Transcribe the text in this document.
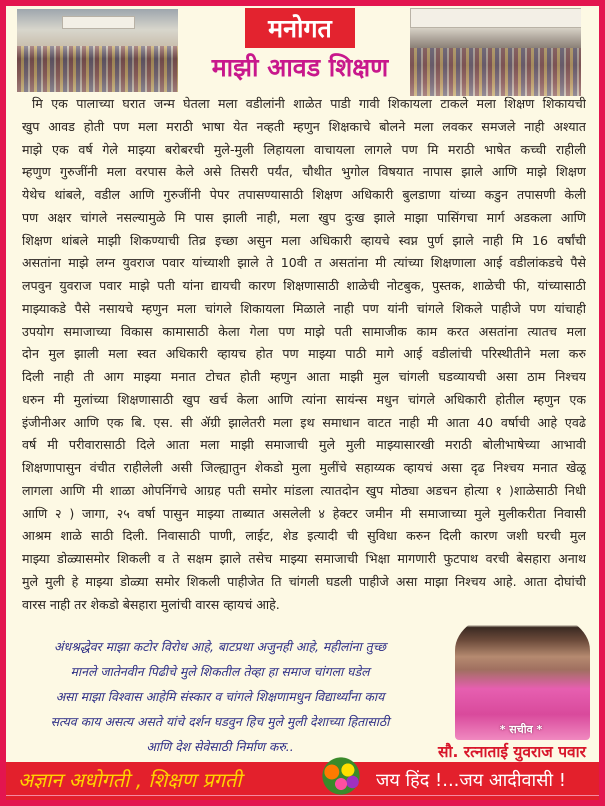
मनोगत
माझी आवड शिक्षण
मि एक पालाच्या घरात जन्म घेतला मला वडीलांनी शाळेत पाडी गावी शिकायला टाकले मला शिक्षण शिकायची
खुप आवड होती पण मला मराठी भाषा येत नव्हती म्हणुन शिक्षकाचे बोलने मला लवकर समजले नाही अश्यात
माझे एक वर्ष गेले माझ्या बरोबरची मुले-मुली लिहायला वाचायला लागले पण मि मराठी भाषेत कच्ची राहीली
म्हणुण गुरुजींनी मला वरपास केले असे तिसरी पर्यंत, चौथीत भुगोल विषयात नापास झाले आणि माझे शिक्षण
येथेच थांबले, वडील आणि गुरुजींनी पेपर तपासण्यासाठी शिक्षण अधिकारी बुलडाणा यांच्या कडुन तपासणी केली
पण अक्षर चांगले नसल्यामुळे मि पास झाली नाही, मला खुप दुःख झाले माझा पासिंगचा मार्ग अडकला आणि
शिक्षण थांबले माझी शिकण्याची तिव्र इच्छा असुन मला अधिकारी व्हायचे स्वप्न पुर्ण झाले नाही मि 16 वर्षांची
असतांना माझे लग्न युवराज पवार यांच्याशी झाले ते 10वी त असतांना मी त्यांच्या शिक्षणाला आई वडीलांकडचे पैसे
लपवुन युवराज पवार माझे पती यांना द्यायची कारण शिक्षणासाठी शाळेची नोटबुक, पुस्तक, शाळेची फी, यांच्यासाठी
माझ्याकडे पैसे नसायचे म्हणुन मला चांगले शिकायला मिळाले नाही पण यांनी चांगले शिकले पाहीजे पण यांचाही
उपयोग समाजाच्या विकास कामासाठी केला गेला पण माझे पती सामाजीक काम करत असतांना त्यातच मला
दोन मुल झाली मला स्वत अधिकारी व्हायच होत पण माझ्या पाठी मागे आई वडीलांची परिस्थीतीने मला करु
दिली नाही ती आग माझ्या मनात टोचत होती म्हणुन आता माझी मुल चांगली घडव्यायची असा ठाम निश्चय
धरुन मी मुलांच्या शिक्षणासाठी खुप खर्च केला आणि त्यांना सायंन्स मधुन चांगले अधिकारी होतील म्हणुन एक
इंजीनीअर आणि एक बि. एस. सी ॲग्री झालेतरी मला इथ समाधान वाटत नाही मी आता 40 वर्षाची आहे एवढे
वर्ष मी परीवारासाठी दिले आता मला माझी समाजाची मुले मुली माझ्यासारखी मराठी बोलीभाषेच्या आभावी
शिक्षणापासुन वंचीत राहीलेली असी जिल्ह्यातुन शेकडो मुला मुलींचे सहाय्यक व्हायचं असा दृढ निश्चय मनात खेळू
लागला आणि मी शाळा ओपनिंगचे आग्रह पती समोर मांडला त्यातदोन खुप मोठ्या अडचन होत्या १ )शाळेसाठी निधी
आणि २ ) जागा, २५ वर्षा पासुन माझ्या ताब्यात असलेली ४ हेक्टर जमीन मी समाजाच्या मुले मुलीकरीता निवासी
आश्रम शाळे साठी दिली. निवासाठी पाणी, लाईट, शेड इत्यादी ची सुविधा करुन दिली कारण जशी घरची मुल
माझ्या डोळ्यासमोर शिकली व ते सक्षम झाले तसेच माझ्या समाजाची भिक्षा मागणारी फुटपाथ वरची बेसहारा अनाथ
मुले मुली हे माझ्या डोळ्या समोर शिकली पाहीजेत ति चांगली घडली पाहीजे असा माझा निश्चय आहे. आता दोघांची
वारस नाही तर शेकडो बेसहारा मुलांची वारस व्हायचं आहे.
अंधश्रद्धेवर माझा कटोर विरोध आहे, बाटप्रथा अजुनही आहे, महीलांना तुच्छ
मानले जातेनवीन पिढीचे मुले शिकतील तेव्हा हा समाज चांगला घडेल
असा माझा विश्वास आहेमि संस्कार व चांगले शिक्षणामधुन विद्यार्थ्यांना काय
सत्यव काय असत्य असते यांचे दर्शन घडवुन हिच मुले मुली देशाच्या हितासाठी
आणि देश सेवेसाठी निर्माण करु..
* सचीव *
सौ. रत्नाताई युवराज पवार
अज्ञान अधोगती , शिक्षण प्रगती	जय हिंद !...जय आदीवासी !
